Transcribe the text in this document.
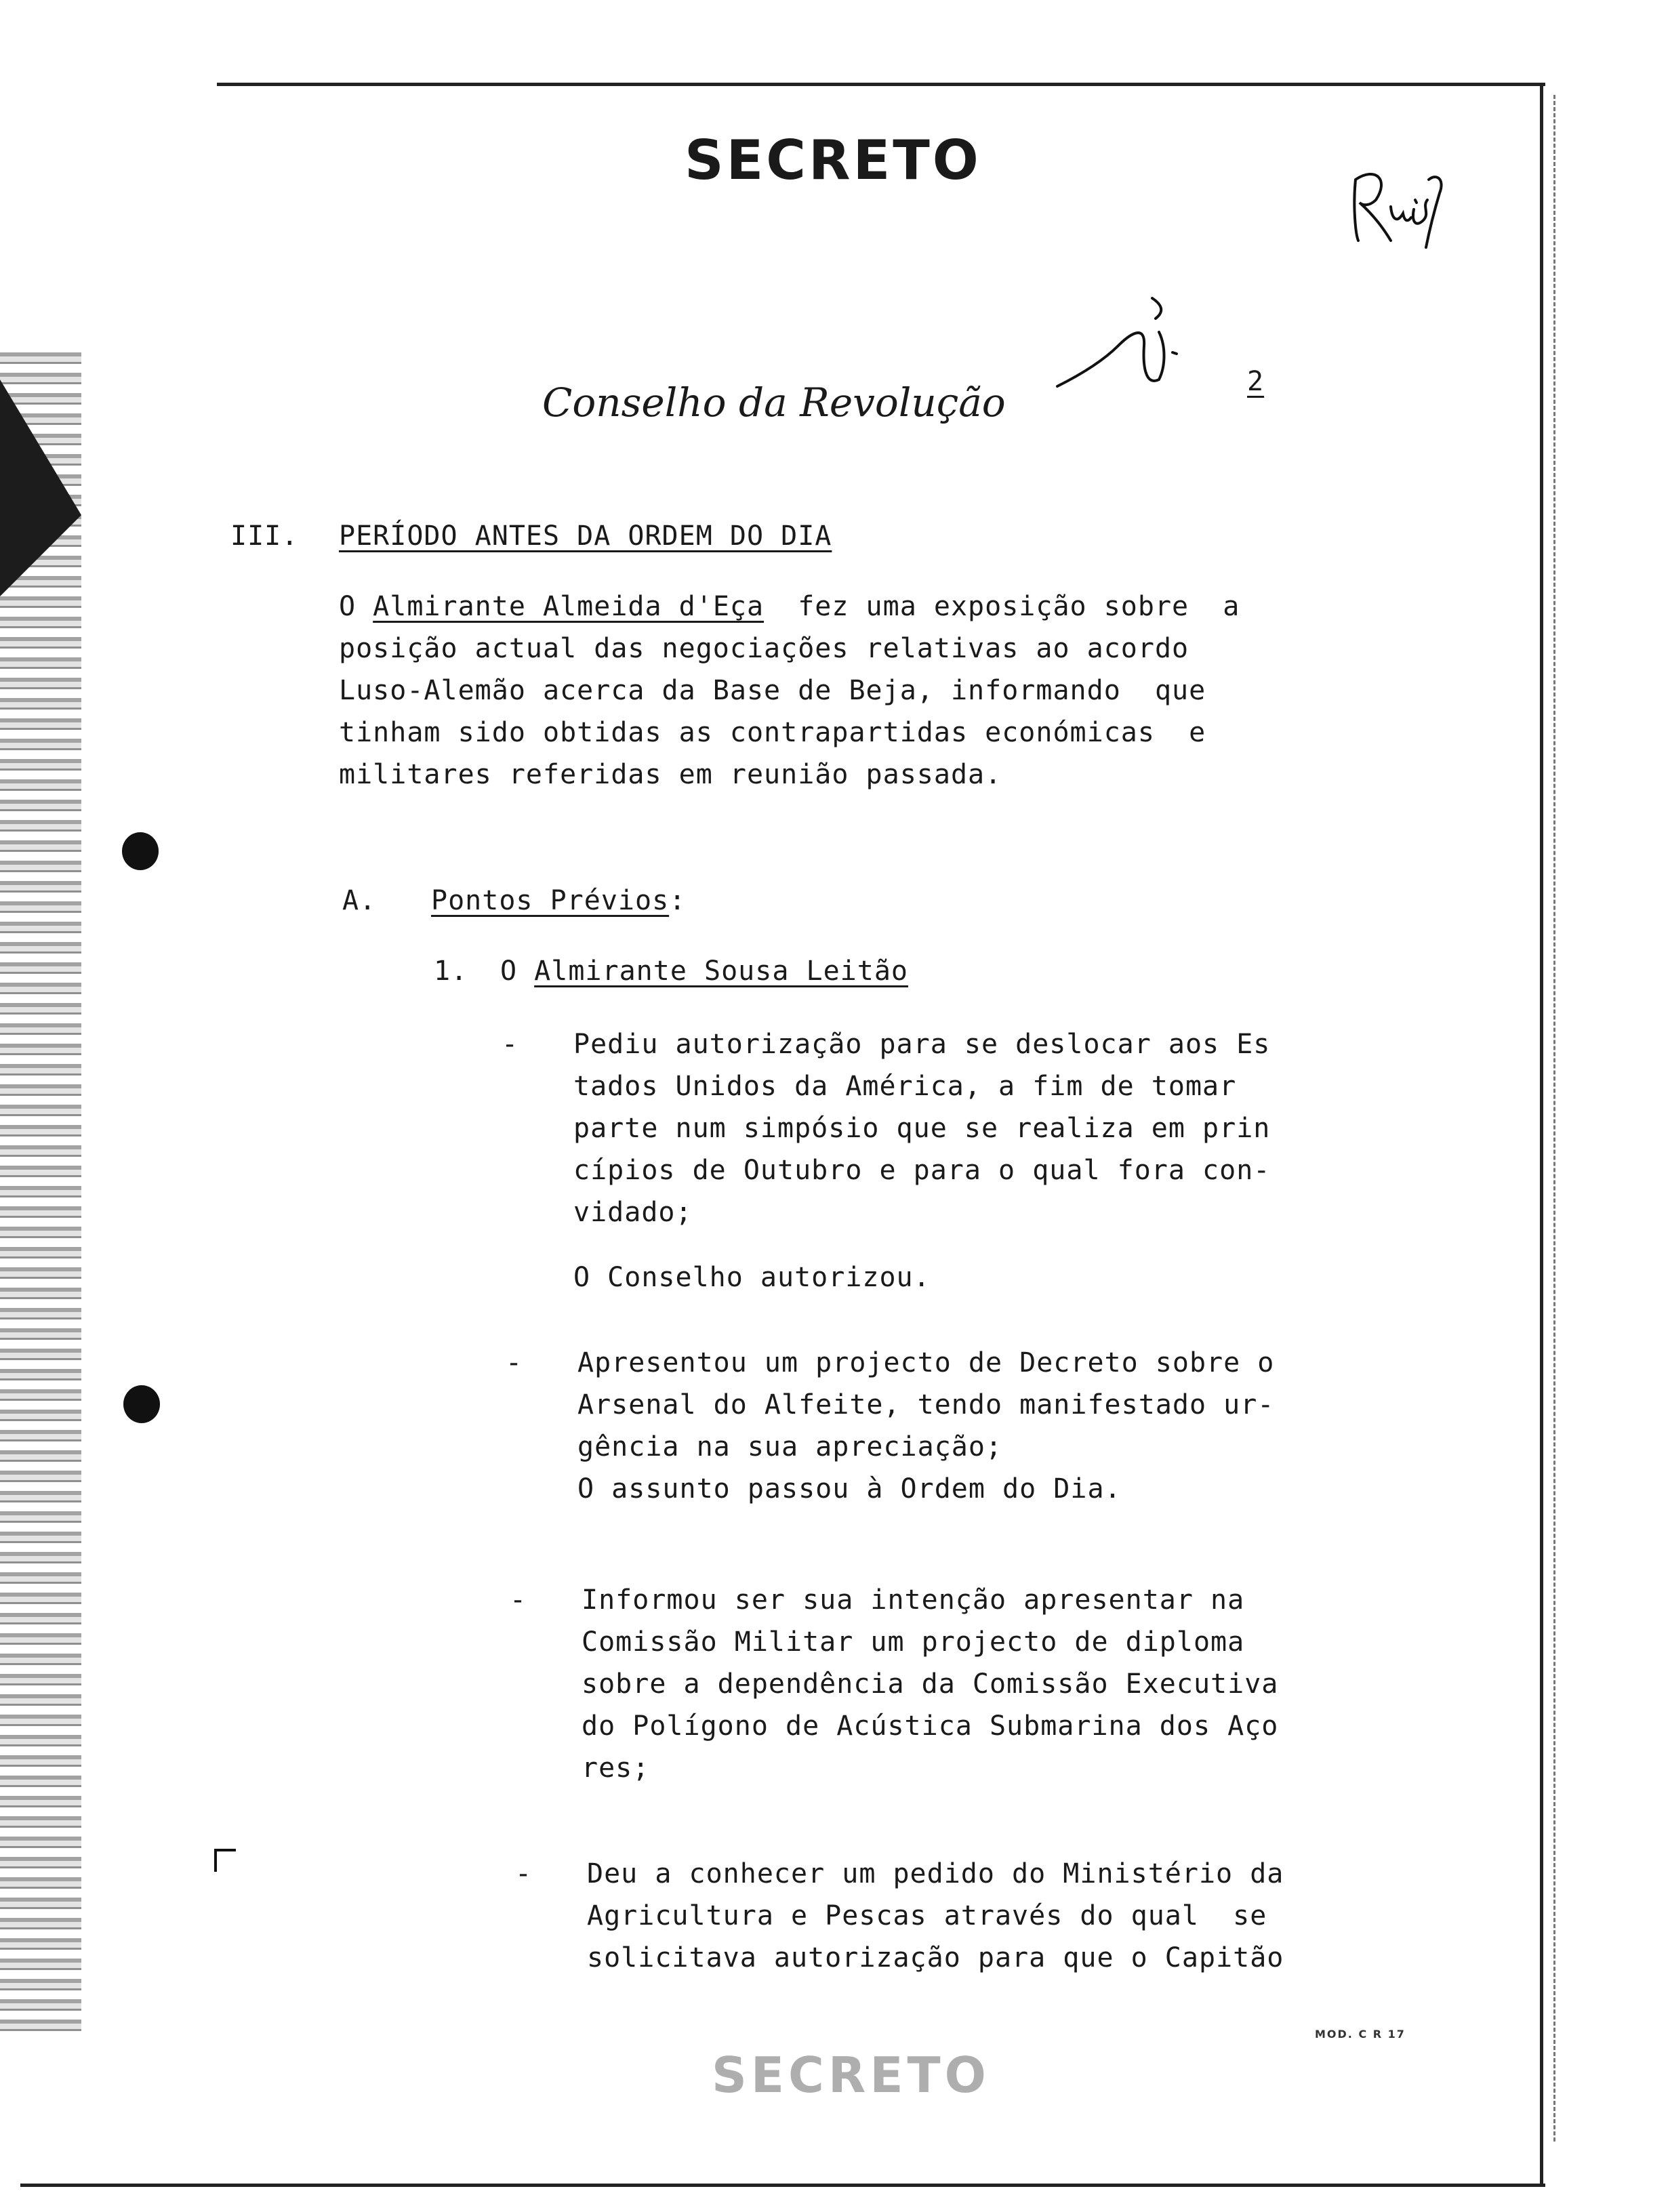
SECRETO
Conselho da Revolução	2
III. PERÍODO ANTES DA ORDEM DO DIA
O Almirante Almeida d'Eça  fez uma exposição sobre  a
posição actual das negociações relativas ao acordo
Luso-Alemão acerca da Base de Beja, informando  que
tinham sido obtidas as contrapartidas económicas  e
militares referidas em reunião passada.
A. Pontos Prévios:
1. O Almirante Sousa Leitão
- Pediu autorização para se deslocar aos Es
tados Unidos da América, a fim de tomar
parte num simpósio que se realiza em prin
cípios de Outubro e para o qual fora con-
vidado;
O Conselho autorizou.
- Apresentou um projecto de Decreto sobre o
Arsenal do Alfeite, tendo manifestado ur-
gência na sua apreciação;
O assunto passou à Ordem do Dia.
- Informou ser sua intenção apresentar na
Comissão Militar um projecto de diploma
sobre a dependência da Comissão Executiva
do Polígono de Acústica Submarina dos Aço
res;
- Deu a conhecer um pedido do Ministério da
Agricultura e Pescas através do qual  se
solicitava autorização para que o Capitão
MOD. C R 17
SECRETO
